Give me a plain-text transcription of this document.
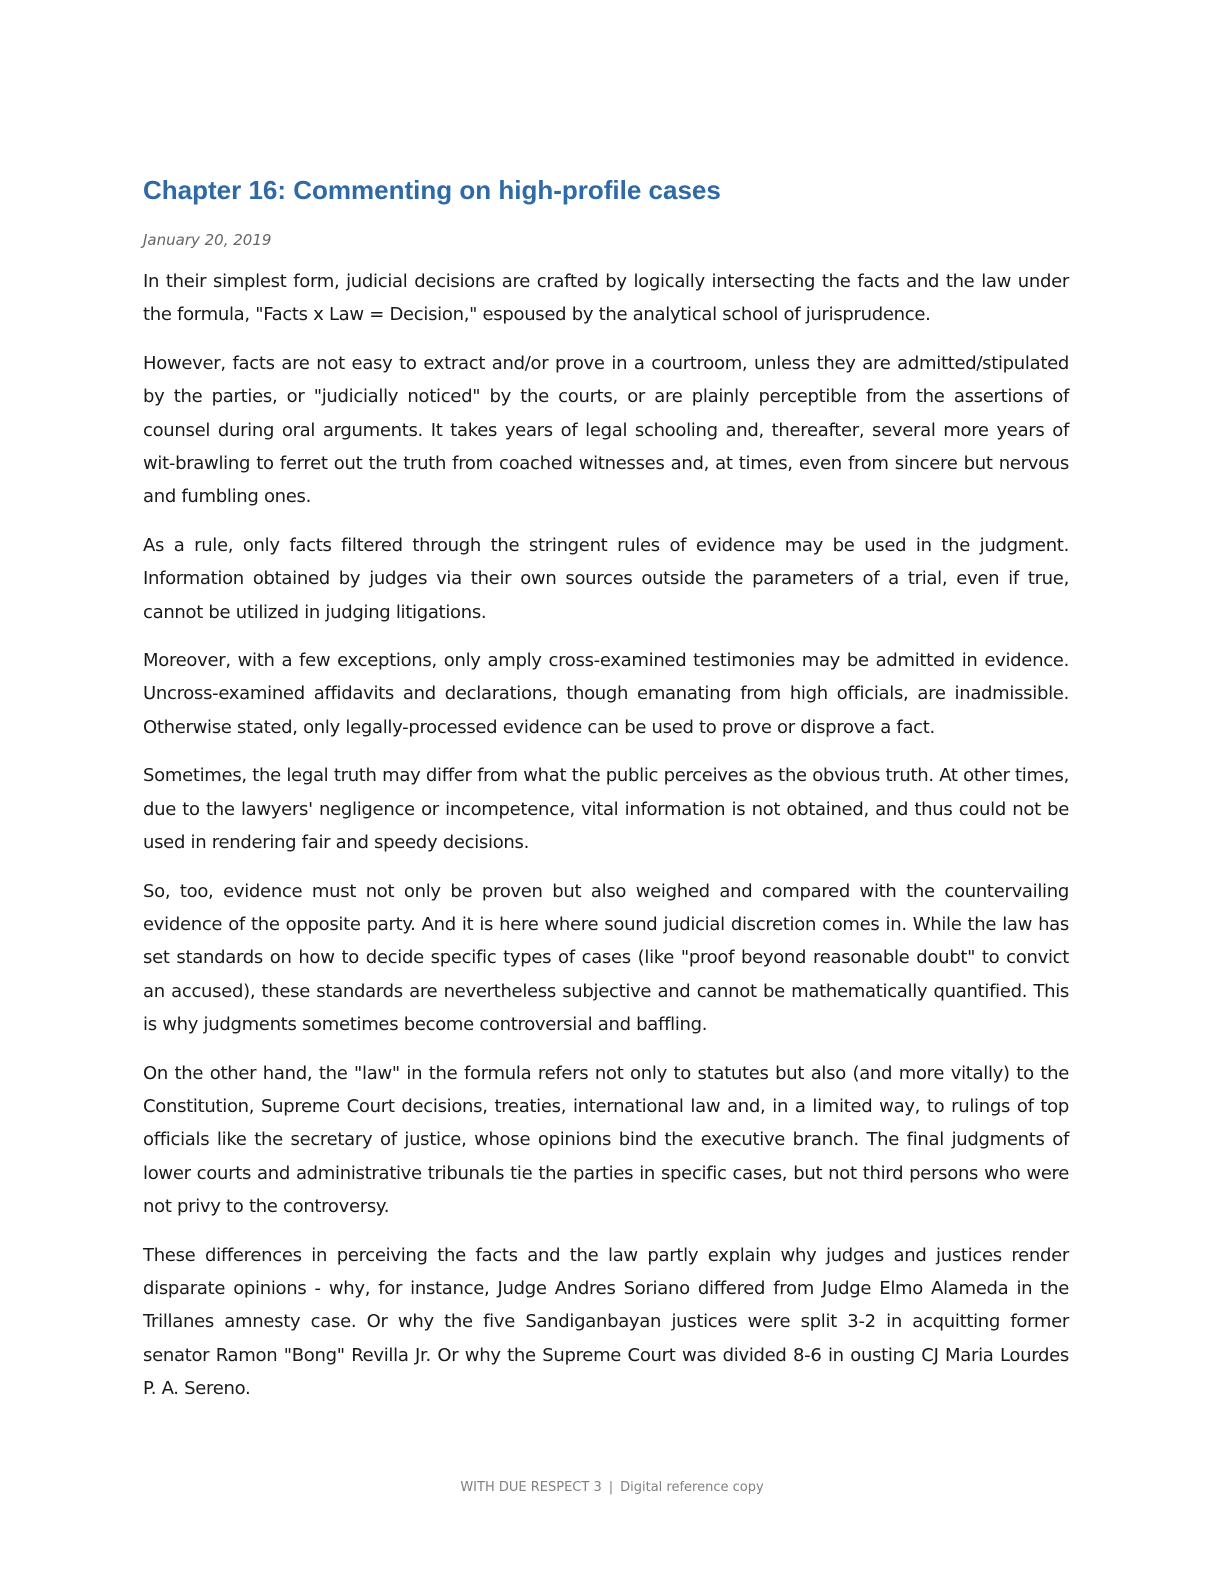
Chapter 16: Commenting on high-profile cases
January 20, 2019

In their simplest form, judicial decisions are crafted by logically intersecting the facts and the law under the formula, "Facts x Law = Decision," espoused by the analytical school of jurisprudence.

However, facts are not easy to extract and/or prove in a courtroom, unless they are admitted/stipulated by the parties, or "judicially noticed" by the courts, or are plainly perceptible from the assertions of counsel during oral arguments. It takes years of legal schooling and, thereafter, several more years of wit-brawling to ferret out the truth from coached witnesses and, at times, even from sincere but nervous and fumbling ones.

As a rule, only facts filtered through the stringent rules of evidence may be used in the judgment. Information obtained by judges via their own sources outside the parameters of a trial, even if true, cannot be utilized in judging litigations.

Moreover, with a few exceptions, only amply cross-examined testimonies may be admitted in evidence. Uncross-examined affidavits and declarations, though emanating from high officials, are inadmissible. Otherwise stated, only legally-processed evidence can be used to prove or disprove a fact.

Sometimes, the legal truth may differ from what the public perceives as the obvious truth. At other times, due to the lawyers' negligence or incompetence, vital information is not obtained, and thus could not be used in rendering fair and speedy decisions.

So, too, evidence must not only be proven but also weighed and compared with the countervailing evidence of the opposite party. And it is here where sound judicial discretion comes in. While the law has set standards on how to decide specific types of cases (like "proof beyond reasonable doubt" to convict an accused), these standards are nevertheless subjective and cannot be mathematically quantified. This is why judgments sometimes become controversial and baffling.

On the other hand, the "law" in the formula refers not only to statutes but also (and more vitally) to the Constitution, Supreme Court decisions, treaties, international law and, in a limited way, to rulings of top officials like the secretary of justice, whose opinions bind the executive branch. The final judgments of lower courts and administrative tribunals tie the parties in specific cases, but not third persons who were not privy to the controversy.

These differences in perceiving the facts and the law partly explain why judges and justices render disparate opinions - why, for instance, Judge Andres Soriano differed from Judge Elmo Alameda in the Trillanes amnesty case. Or why the five Sandiganbayan justices were split 3-2 in acquitting former senator Ramon "Bong" Revilla Jr. Or why the Supreme Court was divided 8-6 in ousting CJ Maria Lourdes P. A. Sereno.

WITH DUE RESPECT 3 | Digital reference copy
